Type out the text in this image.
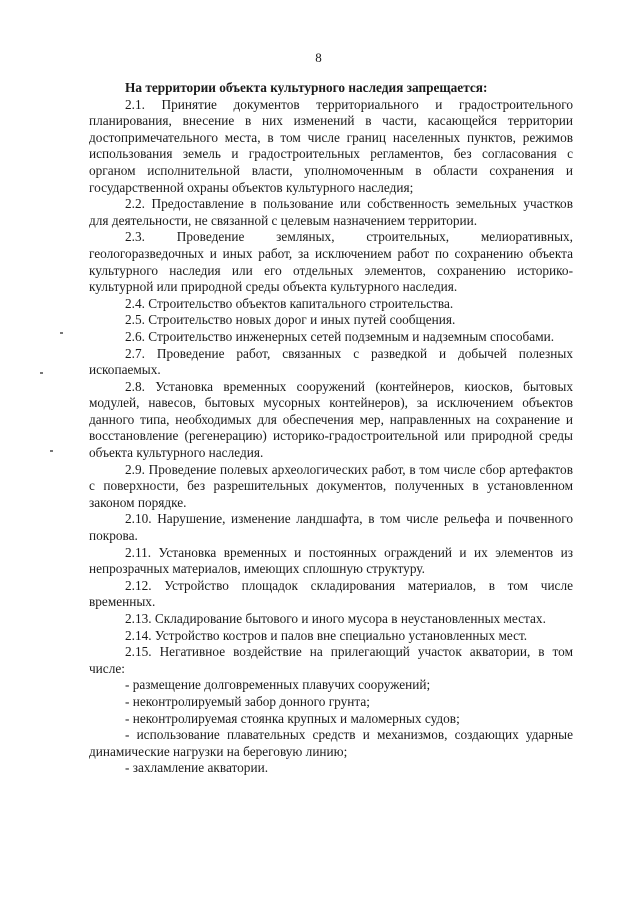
8

На территории объекта культурного наследия запрещается:

2.1. Принятие документов территориального и градостроительного планирования, внесение в них изменений в части, касающейся территории достопримечательного места, в том числе границ населенных пунктов, режимов использования земель и градостроительных регламентов, без согласования с органом исполнительной власти, уполномоченным в области сохранения и государственной охраны объектов культурного наследия;

2.2. Предоставление в пользование или собственность земельных участков для деятельности, не связанной с целевым назначением территории.

2.3. Проведение земляных, строительных, мелиоративных, геологоразведочных и иных работ, за исключением работ по сохранению объекта культурного наследия или его отдельных элементов, сохранению историко-культурной или природной среды объекта культурного наследия.

2.4. Строительство объектов капитального строительства.

2.5. Строительство новых дорог и иных путей сообщения.

2.6. Строительство инженерных сетей подземным и надземным способами.

2.7. Проведение работ, связанных с разведкой и добычей полезных ископаемых.

2.8. Установка временных сооружений (контейнеров, киосков, бытовых модулей, навесов, бытовых мусорных контейнеров), за исключением объектов данного типа, необходимых для обеспечения мер, направленных на сохранение и восстановление (регенерацию) историко-градостроительной или природной среды объекта культурного наследия.

2.9. Проведение полевых археологических работ, в том числе сбор артефактов с поверхности, без разрешительных документов, полученных в установленном законом порядке.

2.10. Нарушение, изменение ландшафта, в том числе рельефа и почвенного покрова.

2.11. Установка временных и постоянных ограждений и их элементов из непрозрачных материалов, имеющих сплошную структуру.

2.12. Устройство площадок складирования материалов, в том числе временных.

2.13. Складирование бытового и иного мусора в неустановленных местах.

2.14. Устройство костров и палов вне специально установленных мест.

2.15. Негативное воздействие на прилегающий участок акватории, в том числе:

- размещение долговременных плавучих сооружений;

- неконтролируемый забор донного грунта;

- неконтролируемая стоянка крупных и маломерных судов;

- использование плавательных средств и механизмов, создающих ударные динамические нагрузки на береговую линию;

- захламление акватории.
